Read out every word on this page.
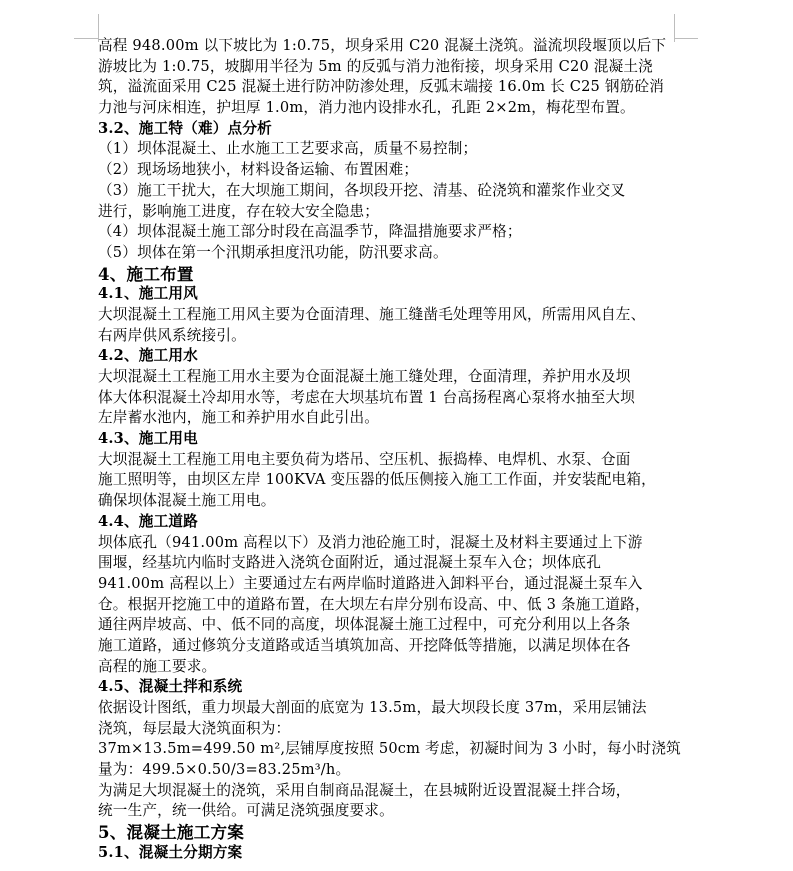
高程 948.00m 以下坡比为 1:0.75，坝身采用 C20 混凝土浇筑。溢流坝段堰顶以后下
游坡比为 1:0.75，坡脚用半径为 5m 的反弧与消力池衔接，坝身采用 C20 混凝土浇
筑，溢流面采用 C25 混凝土进行防冲防渗处理，反弧末端接 16.0m 长 C25 钢筋砼消
力池与河床相连，护坦厚 1.0m，消力池内设排水孔，孔距 2×2m，梅花型布置。
3.2、施工特（难）点分析
（1）坝体混凝土、止水施工工艺要求高，质量不易控制；
（2）现场场地狭小，材料设备运输、布置困难；
（3）施工干扰大，在大坝施工期间，各坝段开挖、清基、砼浇筑和灌浆作业交叉
进行，影响施工进度，存在较大安全隐患；
（4）坝体混凝土施工部分时段在高温季节，降温措施要求严格；
（5）坝体在第一个汛期承担度汛功能，防汛要求高。
4、施工布置
4.1、施工用风
大坝混凝土工程施工用风主要为仓面清理、施工缝凿毛处理等用风，所需用风自左、
右两岸供风系统接引。
4.2、施工用水
大坝混凝土工程施工用水主要为仓面混凝土施工缝处理，仓面清理，养护用水及坝
体大体积混凝土冷却用水等，考虑在大坝基坑布置 1 台高扬程离心泵将水抽至大坝
左岸蓄水池内，施工和养护用水自此引出。
4.3、施工用电
大坝混凝土工程施工用电主要负荷为塔吊、空压机、振捣棒、电焊机、水泵、仓面
施工照明等，由坝区左岸 100KVA 变压器的低压侧接入施工工作面，并安装配电箱，
确保坝体混凝土施工用电。
4.4、施工道路
坝体底孔（941.00m 高程以下）及消力池砼施工时，混凝土及材料主要通过上下游
围堰，经基坑内临时支路进入浇筑仓面附近，通过混凝土泵车入仓；坝体底孔
941.00m 高程以上）主要通过左右两岸临时道路进入卸料平台，通过混凝土泵车入
仓。根据开挖施工中的道路布置，在大坝左右岸分别布设高、中、低 3 条施工道路，
通往两岸坡高、中、低不同的高度，坝体混凝土施工过程中，可充分利用以上各条
施工道路，通过修筑分支道路或适当填筑加高、开挖降低等措施，以满足坝体在各
高程的施工要求。
4.5、混凝土拌和系统
依据设计图纸，重力坝最大剖面的底宽为 13.5m，最大坝段长度 37m，采用层铺法
浇筑，每层最大浇筑面积为：
37m×13.5m=499.50 m²,层铺厚度按照 50cm 考虑，初凝时间为 3 小时，每小时浇筑
量为：499.5×0.50/3=83.25m³/h。
为满足大坝混凝土的浇筑，采用自制商品混凝土，在县城附近设置混凝土拌合场，
统一生产，统一供给。可满足浇筑强度要求。
5、混凝土施工方案
5.1、混凝土分期方案
